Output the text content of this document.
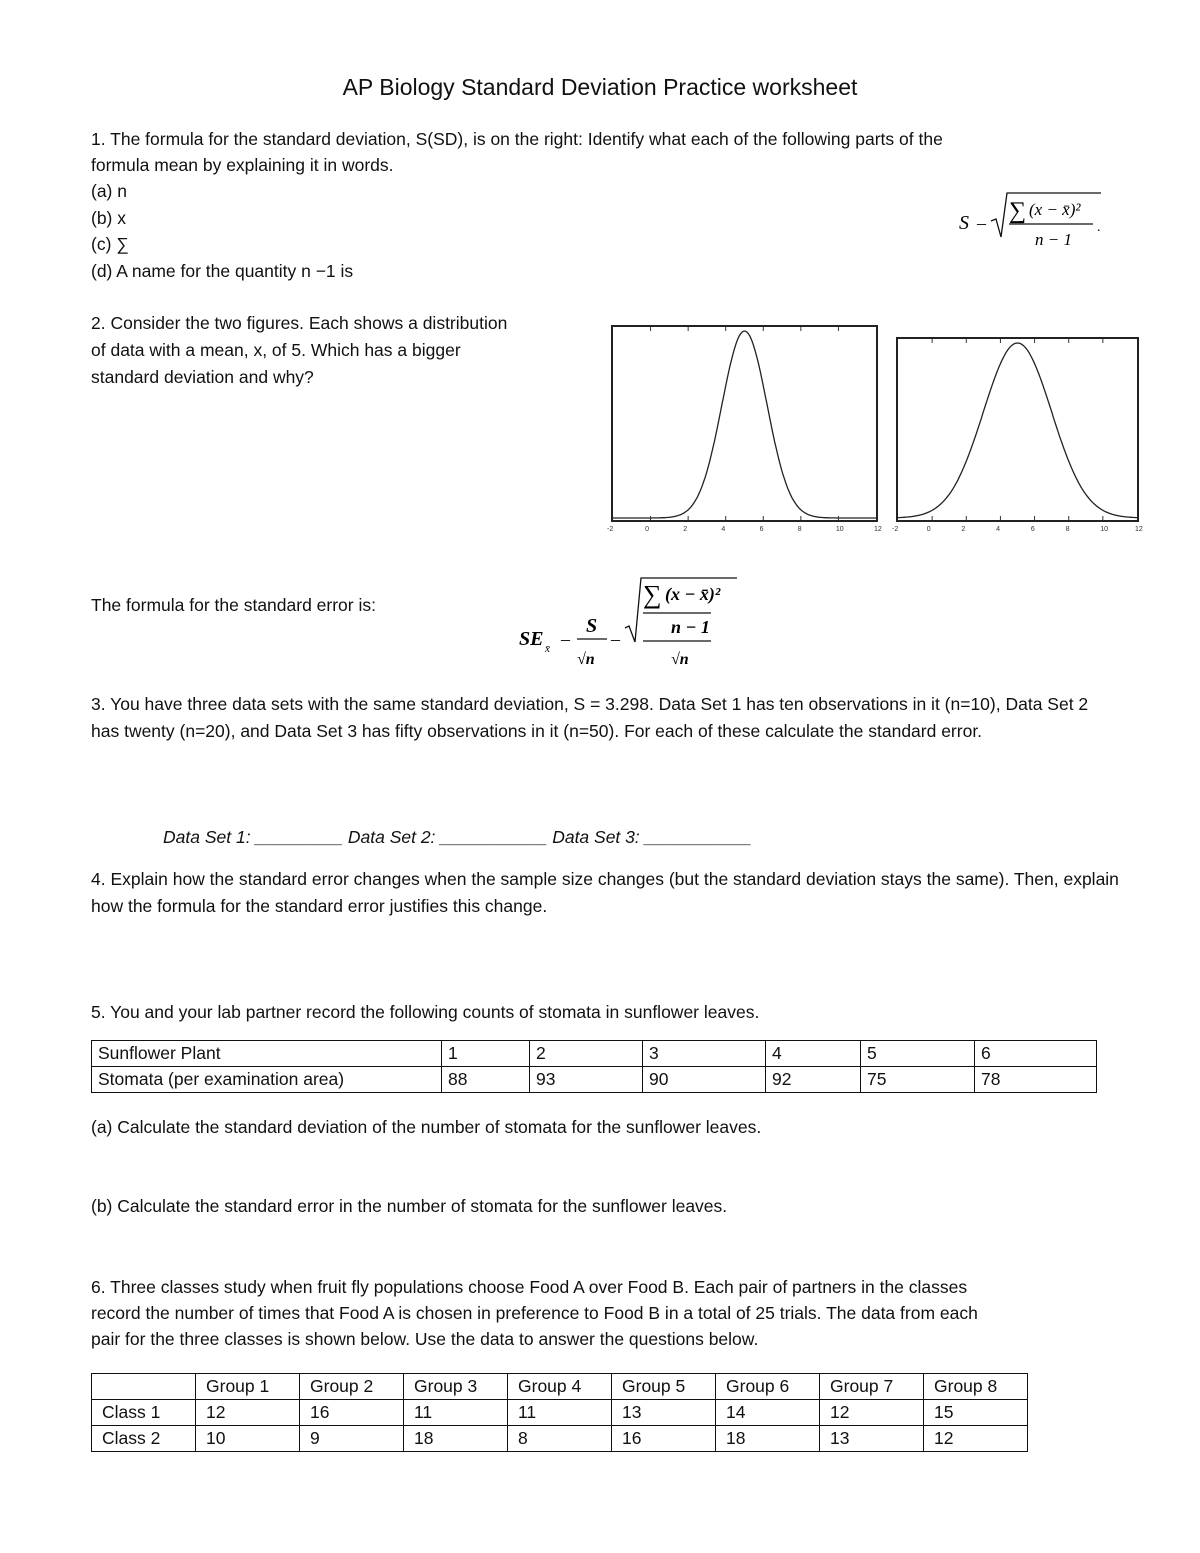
AP Biology Standard Deviation Practice worksheet
1. The formula for the standard deviation, S(SD), is on the right: Identify what each of the following parts of the
formula mean by explaining it in words.
(a) n
(b) x
(c) ∑
(d) A name for the quantity n −1 is
S – ∑ (x − x̄)²
n − 1
.
2. Consider the two figures. Each shows a distribution
of data with a mean, x, of 5. Which has a bigger
standard deviation and why?
-2	0	2	4	6	8	10	12 -2	0	2	4	6	8	10	12
The formula for the standard error is:
SE x̄ –
S
√n
–
∑ (x − x̄)²
n − 1
√n
3. You have three data sets with the same standard deviation, S = 3.298. Data Set 1 has ten observations in it (n=10), Data Set 2 has twenty (n=20), and Data Set 3 has fifty observations in it (n=50). For each of these calculate the standard error.
Data Set 1: _________ Data Set 2: ___________ Data Set 3: ___________
4. Explain how the standard error changes when the sample size changes (but the standard deviation stays the same). Then, explain how the formula for the standard error justifies this change.
5. You and your lab partner record the following counts of stomata in sunflower leaves.
Sunflower Plant	1	2	3	4	5	6
Stomata (per examination area)	88	93	90	92	75	78
(a) Calculate the standard deviation of the number of stomata for the sunflower leaves.
(b) Calculate the standard error in the number of stomata for the sunflower leaves.
6. Three classes study when fruit fly populations choose Food A over Food B. Each pair of partners in the classes
record the number of times that Food A is chosen in preference to Food B in a total of 25 trials. The data from each
pair for the three classes is shown below. Use the data to answer the questions below.
	Group 1	Group 2	Group 3	Group 4	Group 5	Group 6	Group 7	Group 8
Class 1	12	16	11	11	13	14	12	15
Class 2	10	9	18	8	16	18	13	12
